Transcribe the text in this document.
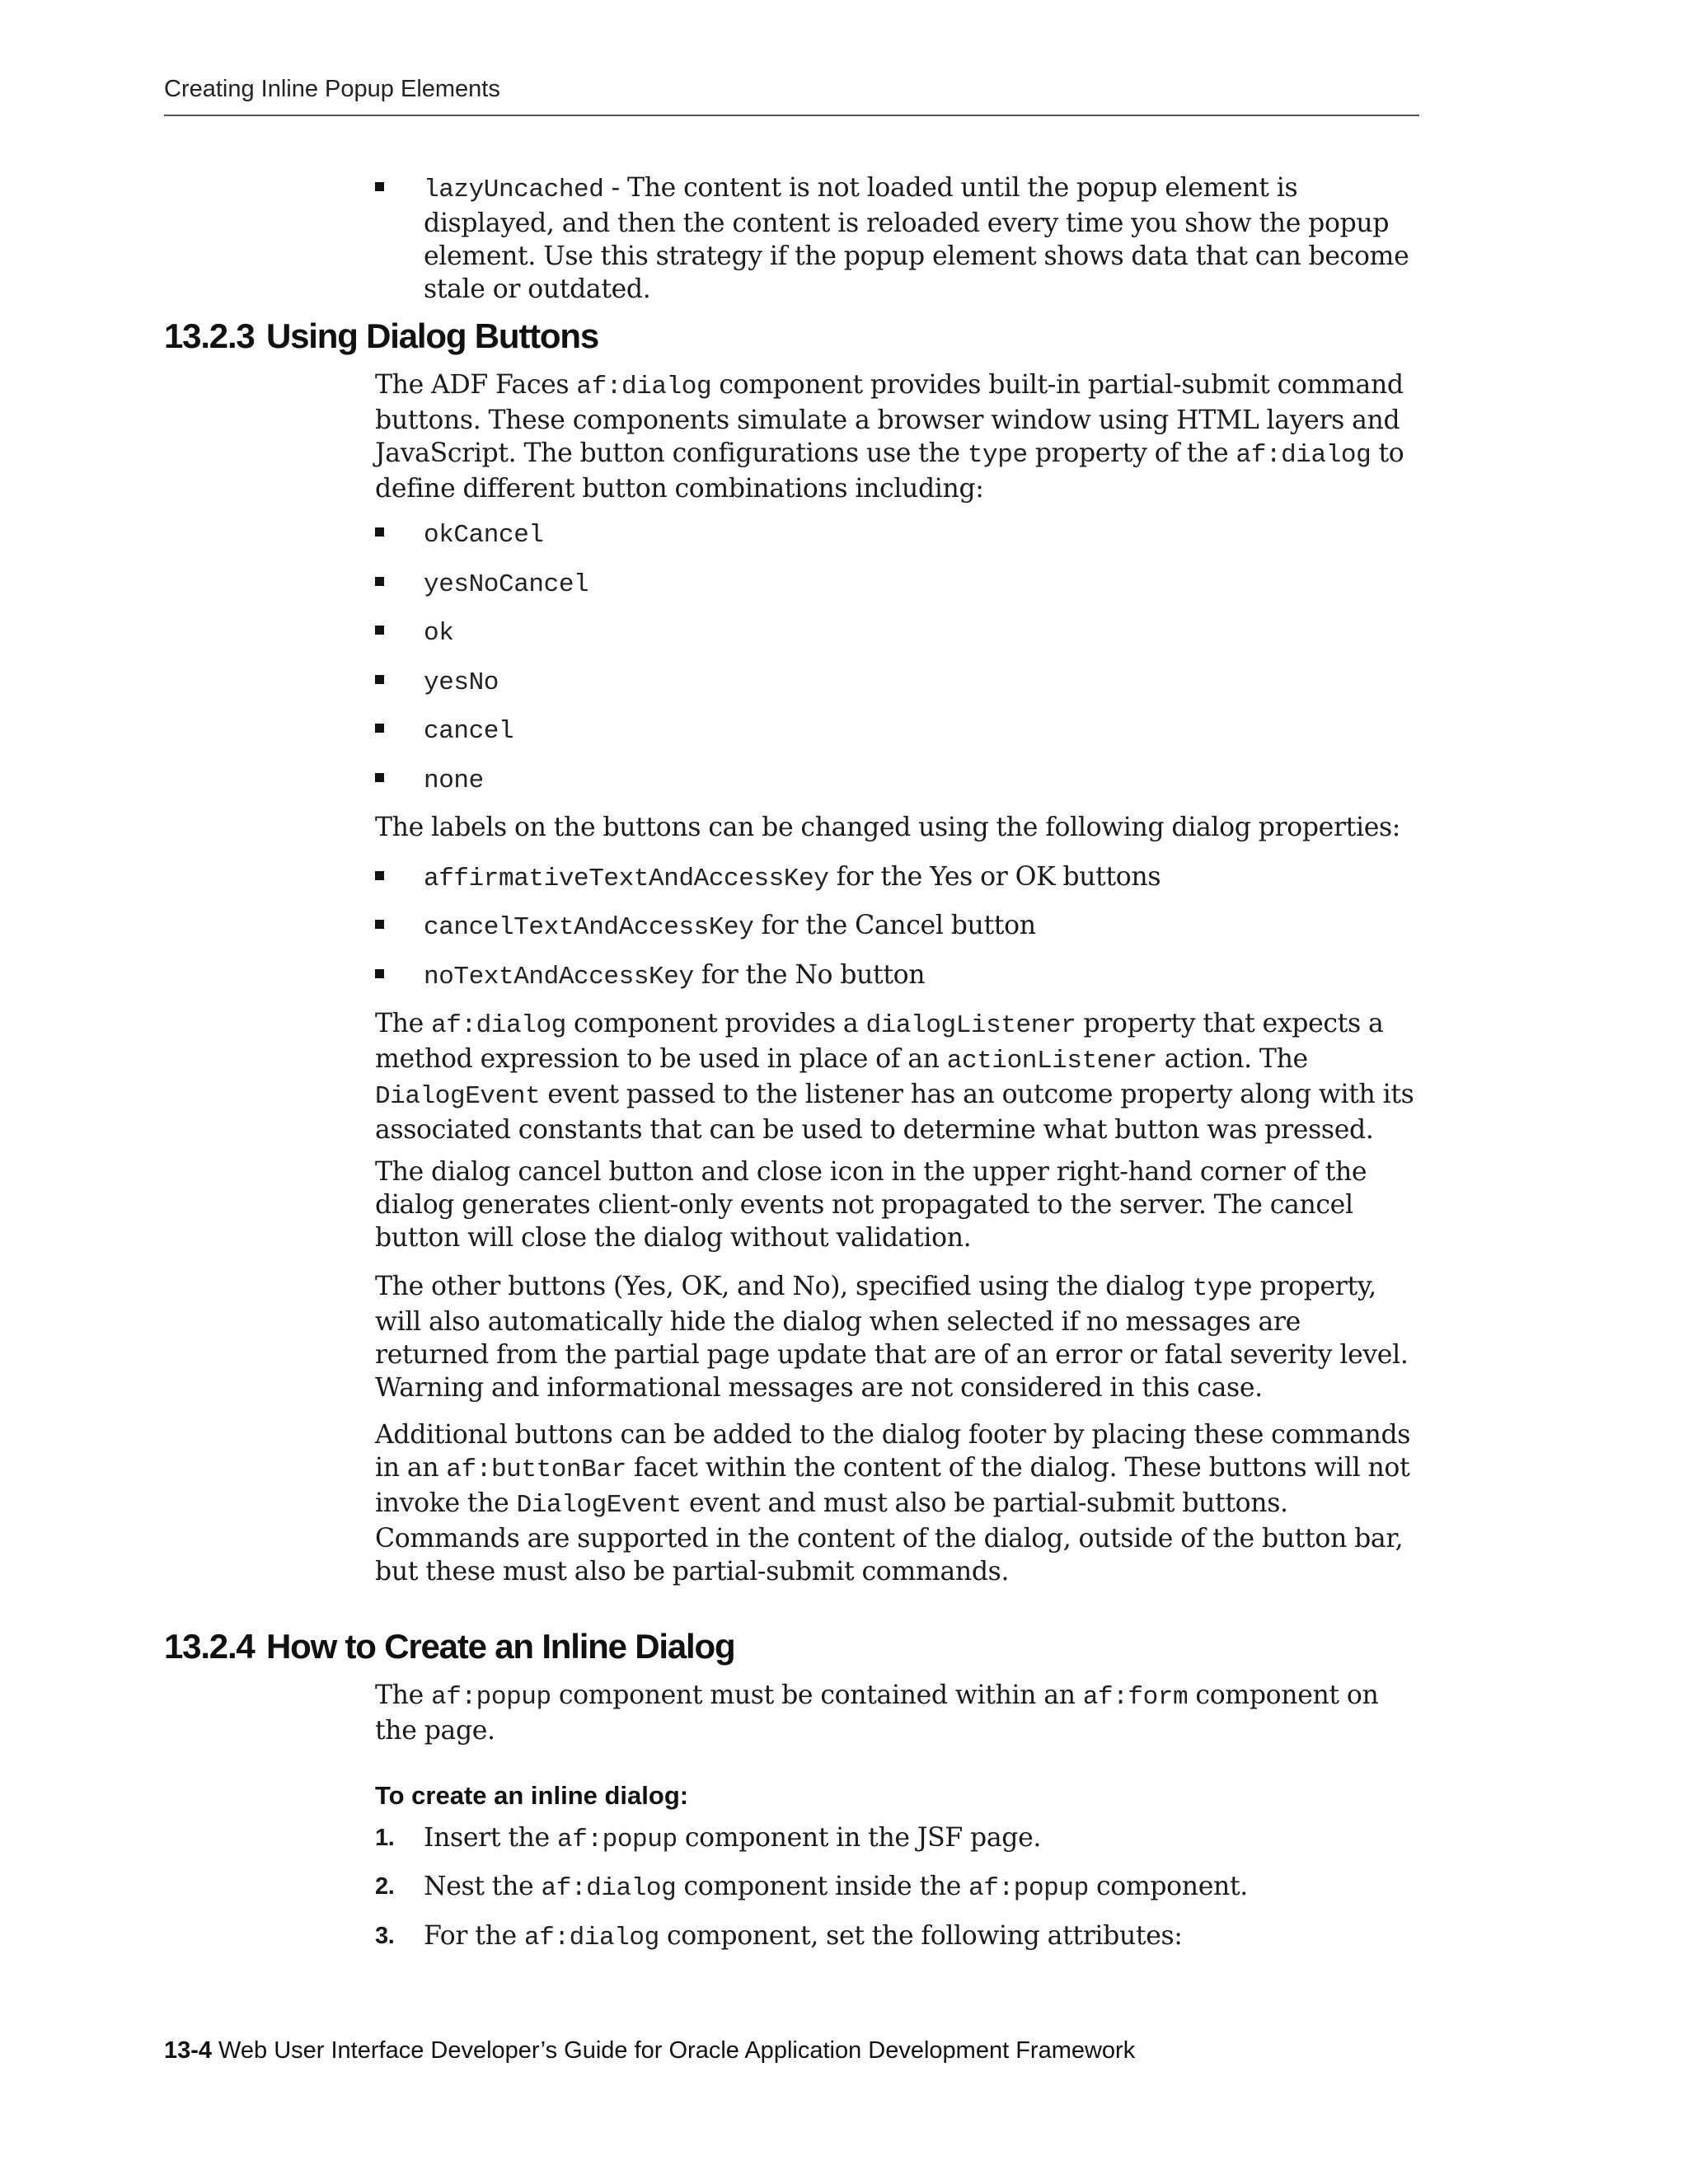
Creating Inline Popup Elements
lazyUncached - The content is not loaded until the popup element is displayed, and then the content is reloaded every time you show the popup element. Use this strategy if the popup element shows data that can become stale or outdated.
13.2.3 Using Dialog Buttons

The ADF Faces af:dialog component provides built-in partial-submit command buttons. These components simulate a browser window using HTML layers and JavaScript. The button configurations use the type property of the af:dialog to define different button combinations including:

okCancel
yesNoCancel
ok
yesNo
cancel
none

The labels on the buttons can be changed using the following dialog properties:

affirmativeTextAndAccessKey for the Yes or OK buttons
cancelTextAndAccessKey for the Cancel button
noTextAndAccessKey for the No button

The af:dialog component provides a dialogListener property that expects a method expression to be used in place of an actionListener action. The DialogEvent event passed to the listener has an outcome property along with its associated constants that can be used to determine what button was pressed.

The dialog cancel button and close icon in the upper right-hand corner of the dialog generates client-only events not propagated to the server. The cancel button will close the dialog without validation.

The other buttons (Yes, OK, and No), specified using the dialog type property, will also automatically hide the dialog when selected if no messages are returned from the partial page update that are of an error or fatal severity level. Warning and informational messages are not considered in this case.

Additional buttons can be added to the dialog footer by placing these commands in an af:buttonBar facet within the content of the dialog. These buttons will not invoke the DialogEvent event and must also be partial-submit buttons. Commands are supported in the content of the dialog, outside of the button bar, but these must also be partial-submit commands.

13.2.4 How to Create an Inline Dialog

The af:popup component must be contained within an af:form component on the page.

To create an inline dialog:
1. Insert the af:popup component in the JSF page.
2. Nest the af:dialog component inside the af:popup component.
3. For the af:dialog component, set the following attributes:
13-4 Web User Interface Developer’s Guide for Oracle Application Development Framework
